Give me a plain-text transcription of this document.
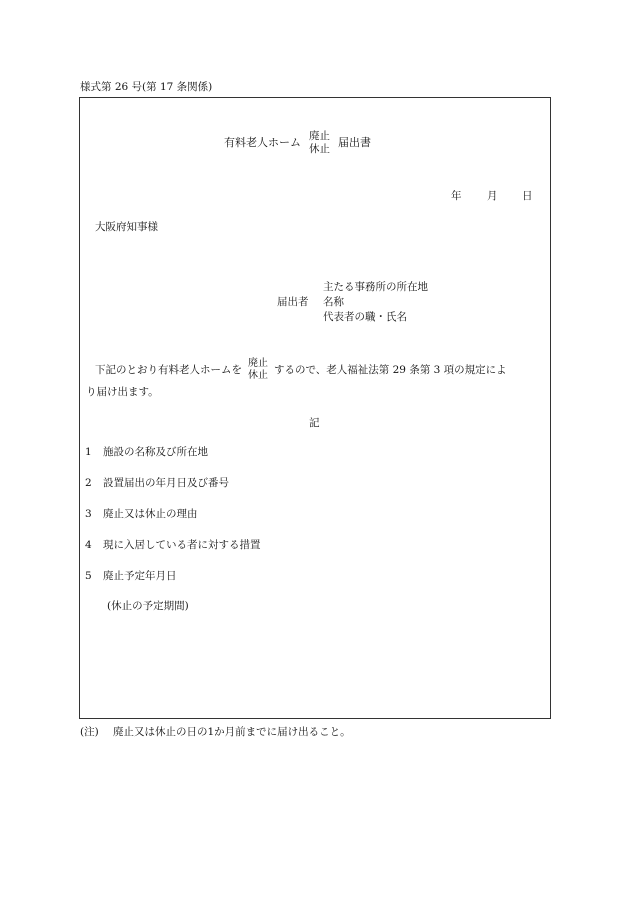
様式第 26 号(第 17 条関係)
有料老人ホーム
廃止
休止 届出書
年 月 日
大阪府知事様
届出者
主たる事務所の所在地
名称
代表者の職・氏名
下記のとおり有料老人ホームを
廃止
休止 するので、老人福祉法第 29 条第 3 項の規定によ
り届け出ます。
記
1 施設の名称及び所在地
2 設置届出の年月日及び番号
3 廃止又は休止の理由
4 現に入居している者に対する措置
5 廃止予定年月日
(休止の予定期間)
(注) 廃止又は休止の日の1か月前までに届け出ること。
